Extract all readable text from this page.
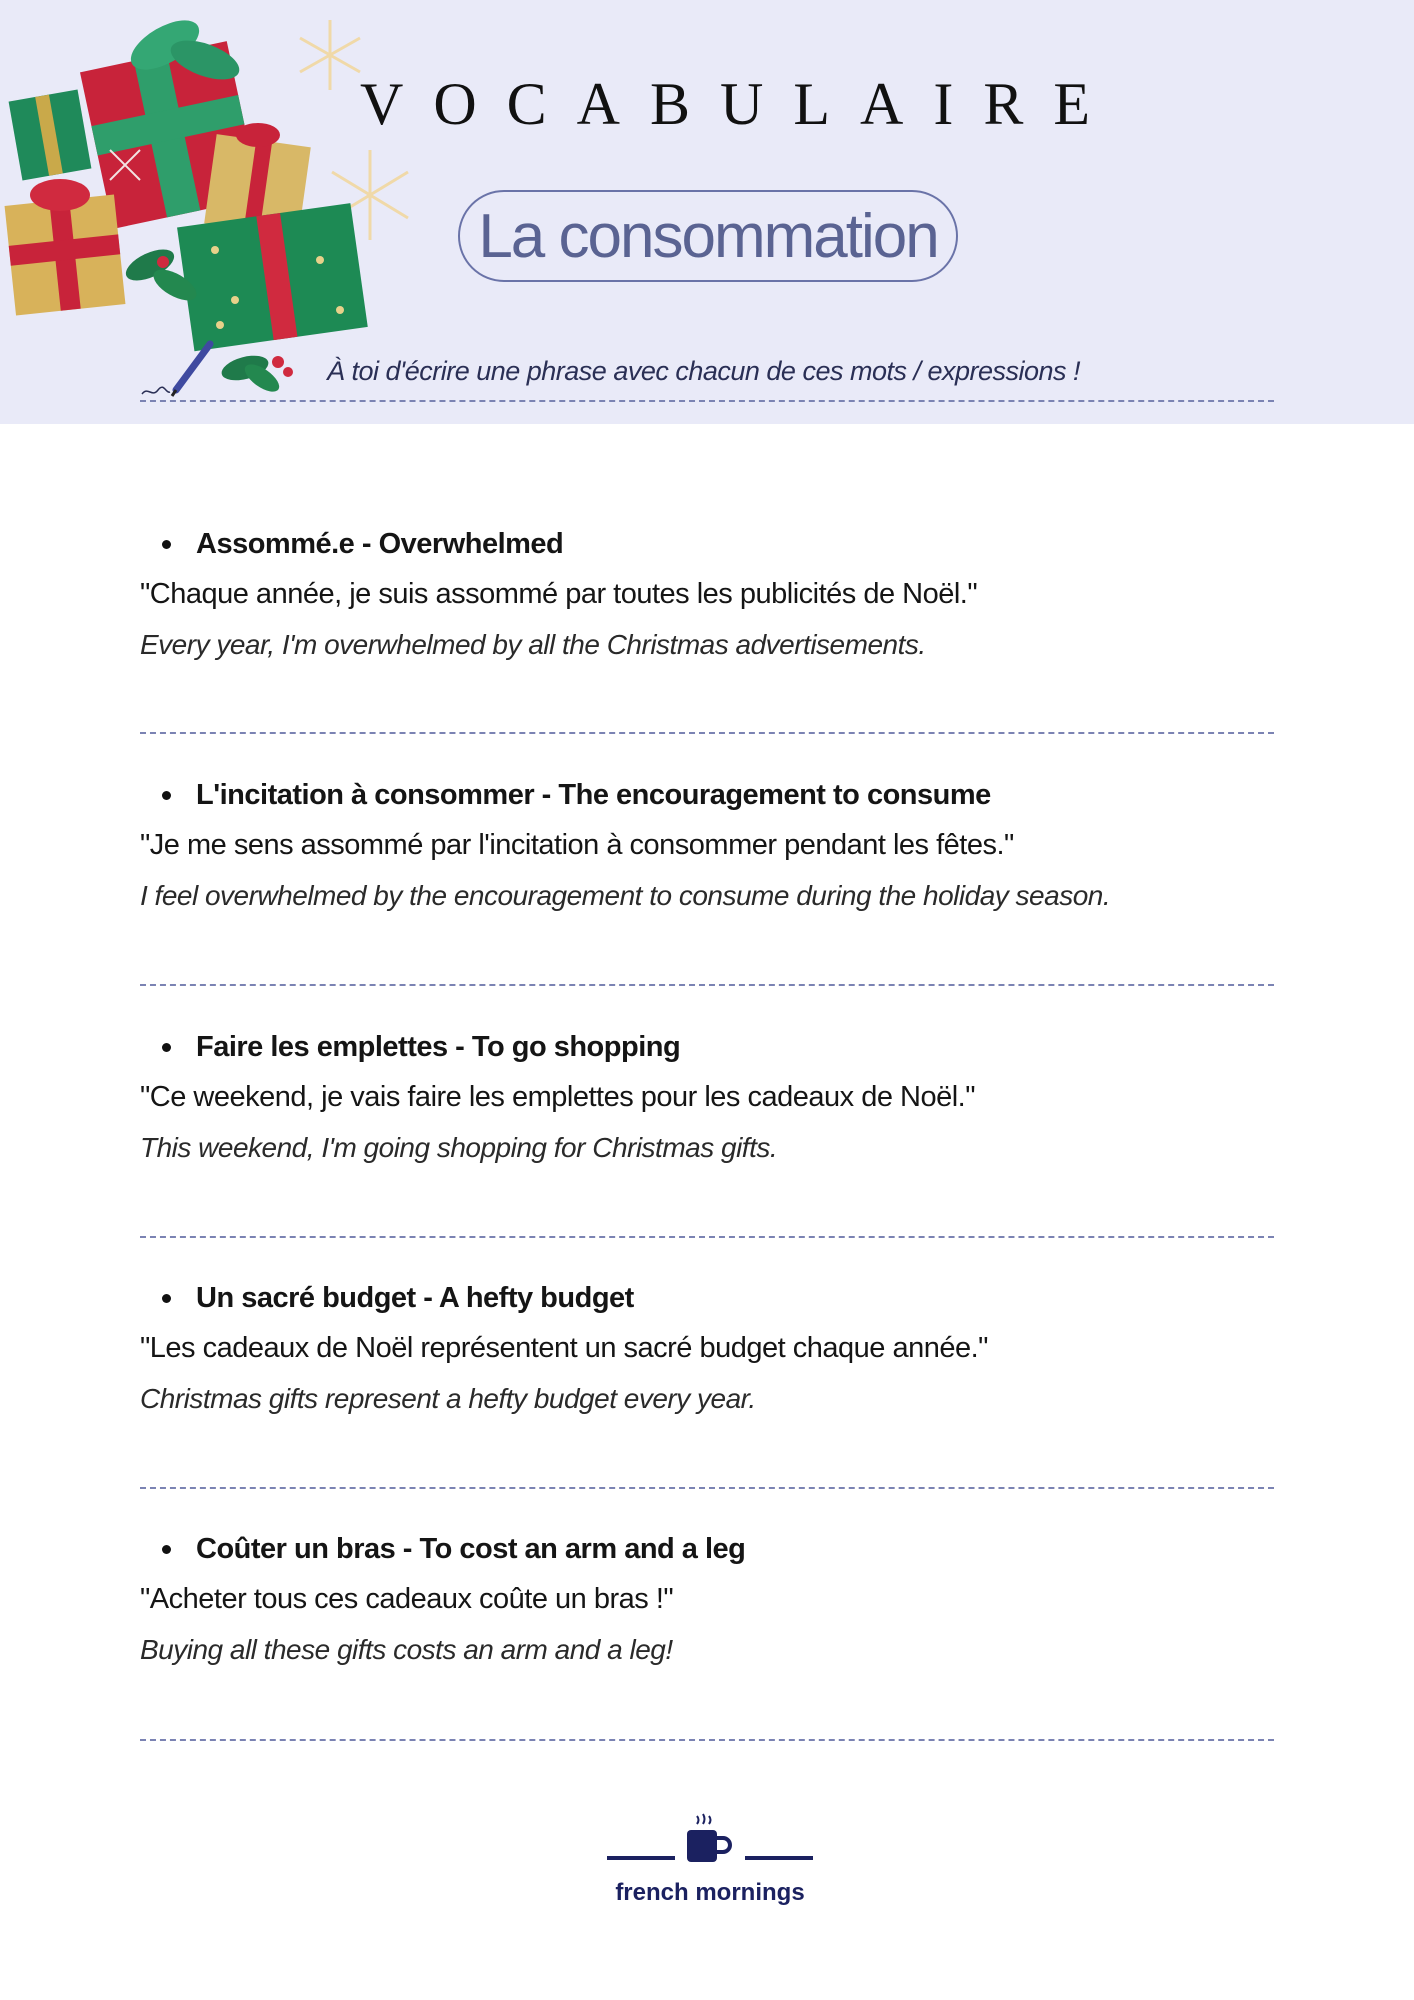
VOCABULAIRE
La consommation
À toi d'écrire une phrase avec chacun de ces mots / expressions !
Assommé.e - Overwhelmed
"Chaque année, je suis assommé par toutes les publicités de Noël."
Every year, I'm overwhelmed by all the Christmas advertisements.
L'incitation à consommer - The encouragement to consume
"Je me sens assommé par l'incitation à consommer pendant les fêtes."
I feel overwhelmed by the encouragement to consume during the holiday season.
Faire les emplettes - To go shopping
"Ce weekend, je vais faire les emplettes pour les cadeaux de Noël."
This weekend, I'm going shopping for Christmas gifts.
Un sacré budget - A hefty budget
"Les cadeaux de Noël représentent un sacré budget chaque année."
Christmas gifts represent a hefty budget every year.
Coûter un bras - To cost an arm and a leg
"Acheter tous ces cadeaux coûte un bras !"
Buying all these gifts costs an arm and a leg!
french mornings
